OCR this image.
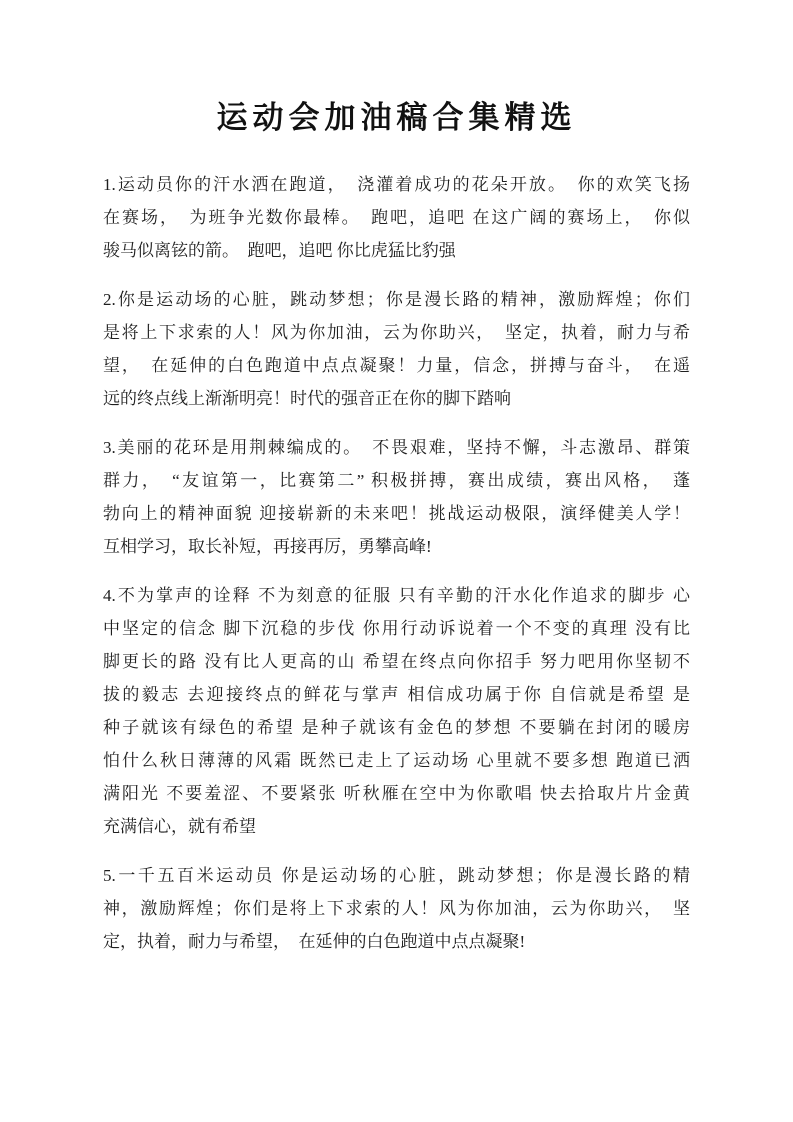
运动会加油稿合集精选
1.运动员你的汗水洒在跑道，　浇灌着成功的花朵开放。　你的欢笑飞扬
在赛场，　为班争光数你最棒。　跑吧，追吧 在这广阔的赛场上，　你似
骏马似离铉的箭。　跑吧，追吧 你比虎猛比豹强
2.你是运动场的心脏，跳动梦想；你是漫长路的精神，激励辉煌；你们
是将上下求索的人！风为你加油，云为你助兴，　坚定，执着，耐力与希
望，　在延伸的白色跑道中点点凝聚！力量，信念，拼搏与奋斗，　在遥
远的终点线上渐渐明亮！时代的强音正在你的脚下踏响
3.美丽的花环是用荆棘编成的。　不畏艰难，坚持不懈，斗志激昂、群策
群力，　“友谊第一，比赛第二” 积极拼搏，赛出成绩，赛出风格，　蓬
勃向上的精神面貌 迎接崭新的未来吧！挑战运动极限，演绎健美人学！
互相学习，取长补短，再接再厉，勇攀高峰!
4.不为掌声的诠释 不为刻意的征服 只有辛勤的汗水化作追求的脚步 心
中坚定的信念 脚下沉稳的步伐 你用行动诉说着一个不变的真理 没有比
脚更长的路 没有比人更高的山 希望在终点向你招手 努力吧用你坚韧不
拔的毅志 去迎接终点的鲜花与掌声 相信成功属于你 自信就是希望 是
种子就该有绿色的希望 是种子就该有金色的梦想 不要躺在封闭的暖房
怕什么秋日薄薄的风霜 既然已走上了运动场 心里就不要多想 跑道已洒
满阳光 不要羞涩、不要紧张 听秋雁在空中为你歌唱 快去拾取片片金黄
充满信心，就有希望
5.一千五百米运动员 你是运动场的心脏，跳动梦想；你是漫长路的精
神，激励辉煌；你们是将上下求索的人！风为你加油，云为你助兴，　坚
定，执着，耐力与希望，　在延伸的白色跑道中点点凝聚!
